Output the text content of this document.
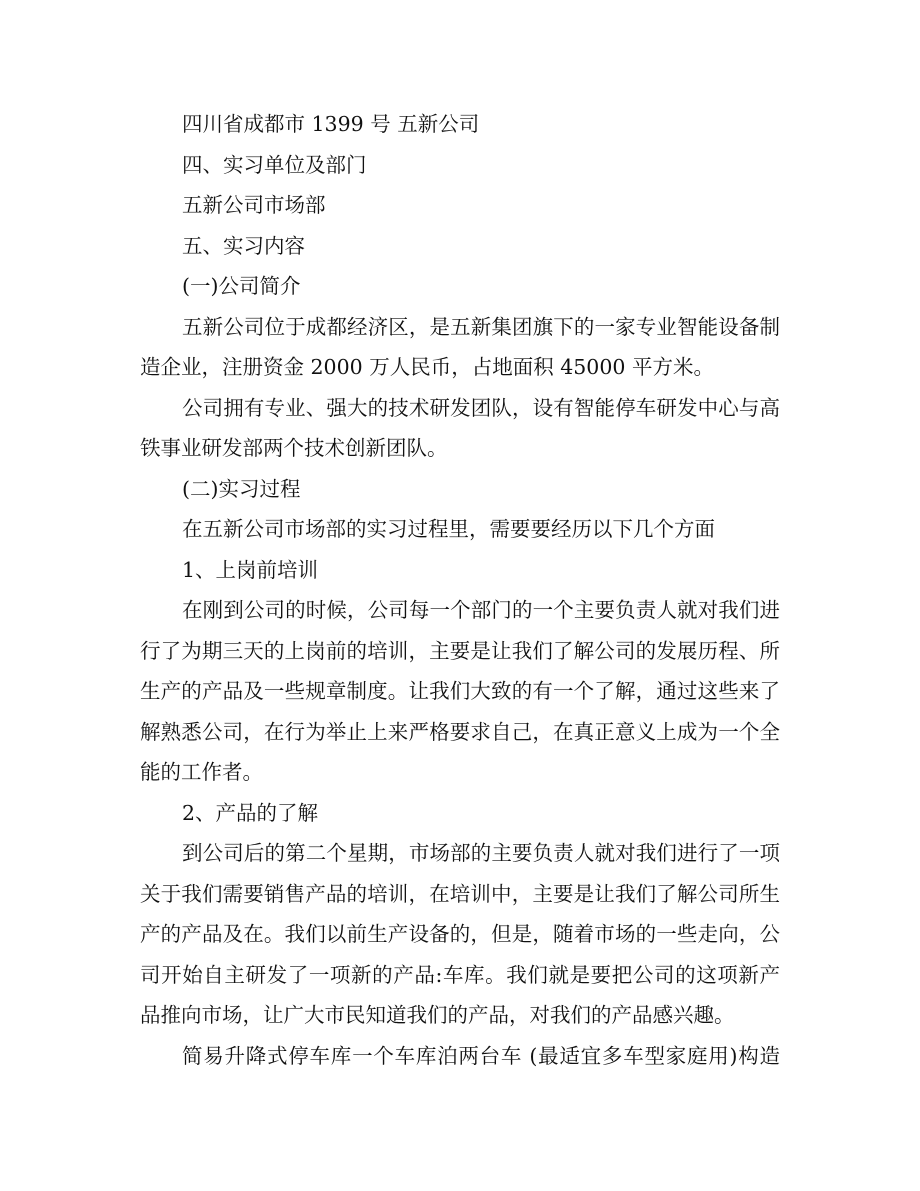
四川省成都市 1399 号 五新公司
四、实习单位及部门
五新公司市场部
五、实习内容
(一)公司简介
五新公司位于成都经济区，是五新集团旗下的一家专业智能设备制
造企业，注册资金 2000 万人民币，占地面积 45000 平方米。
公司拥有专业、强大的技术研发团队，设有智能停车研发中心与高
铁事业研发部两个技术创新团队。
(二)实习过程
在五新公司市场部的实习过程里，需要要经历以下几个方面
1、上岗前培训
在刚到公司的时候，公司每一个部门的一个主要负责人就对我们进
行了为期三天的上岗前的培训，主要是让我们了解公司的发展历程、所
生产的产品及一些规章制度。让我们大致的有一个了解，通过这些来了
解熟悉公司，在行为举止上来严格要求自己，在真正意义上成为一个全
能的工作者。
2、产品的了解
到公司后的第二个星期，市场部的主要负责人就对我们进行了一项
关于我们需要销售产品的培训，在培训中，主要是让我们了解公司所生
产的产品及在。我们以前生产设备的，但是，随着市场的一些走向，公
司开始自主研发了一项新的产品:车库。我们就是要把公司的这项新产
品推向市场，让广大市民知道我们的产品，对我们的产品感兴趣。
简易升降式停车库一个车库泊两台车 (最适宜多车型家庭用)构造
